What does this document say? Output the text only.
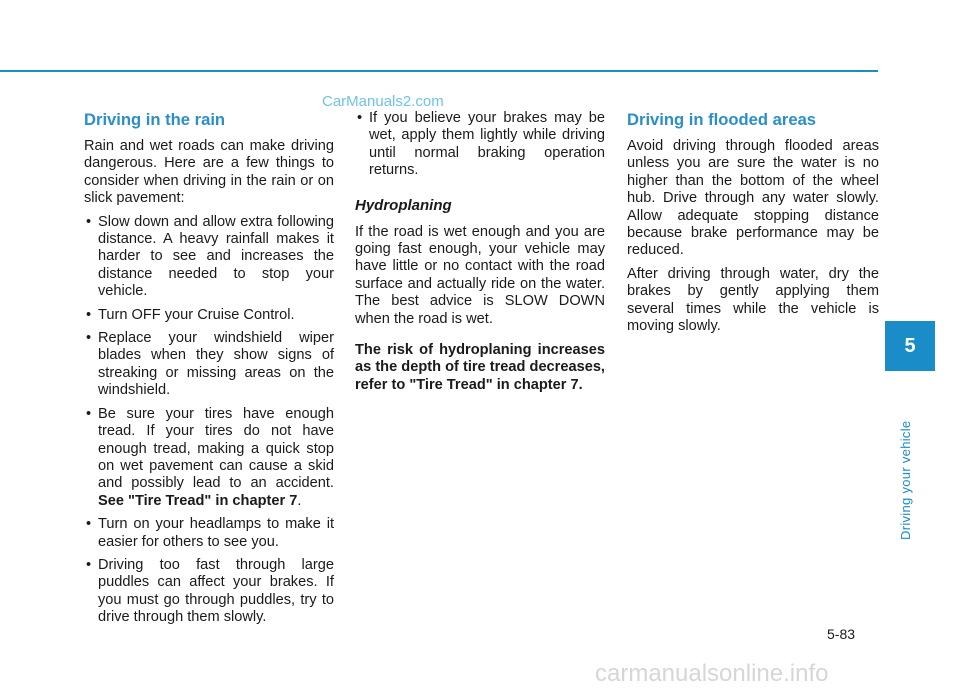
CarManuals2.com
Driving in the rain

Rain and wet roads can make driving dangerous. Here are a few things to consider when driving in the rain or on slick pavement:

• Slow down and allow extra following distance. A heavy rainfall makes it harder to see and increases the distance needed to stop your vehicle.
• Turn OFF your Cruise Control.
• Replace your windshield wiper blades when they show signs of streaking or missing areas on the windshield.
• Be sure your tires have enough tread. If your tires do not have enough tread, making a quick stop on wet pavement can cause a skid and possibly lead to an accident. See "Tire Tread" in chapter 7.
• Turn on your headlamps to make it easier for others to see you.
• Driving too fast through large puddles can affect your brakes. If you must go through puddles, try to drive through them slowly.
• If you believe your brakes may be wet, apply them lightly while driving until normal braking operation returns.
Hydroplaning

If the road is wet enough and you are going fast enough, your vehicle may have little or no contact with the road surface and actually ride on the water. The best advice is SLOW DOWN when the road is wet.

The risk of hydroplaning increases as the depth of tire tread decreases, refer to "Tire Tread" in chapter 7.

Driving in flooded areas

Avoid driving through flooded areas unless you are sure the water is no higher than the bottom of the wheel hub. Drive through any water slowly. Allow adequate stopping distance because brake performance may be reduced.

After driving through water, dry the brakes by gently applying them several times while the vehicle is moving slowly.

5
Driving your vehicle
5-83
carmanualsonline.info
